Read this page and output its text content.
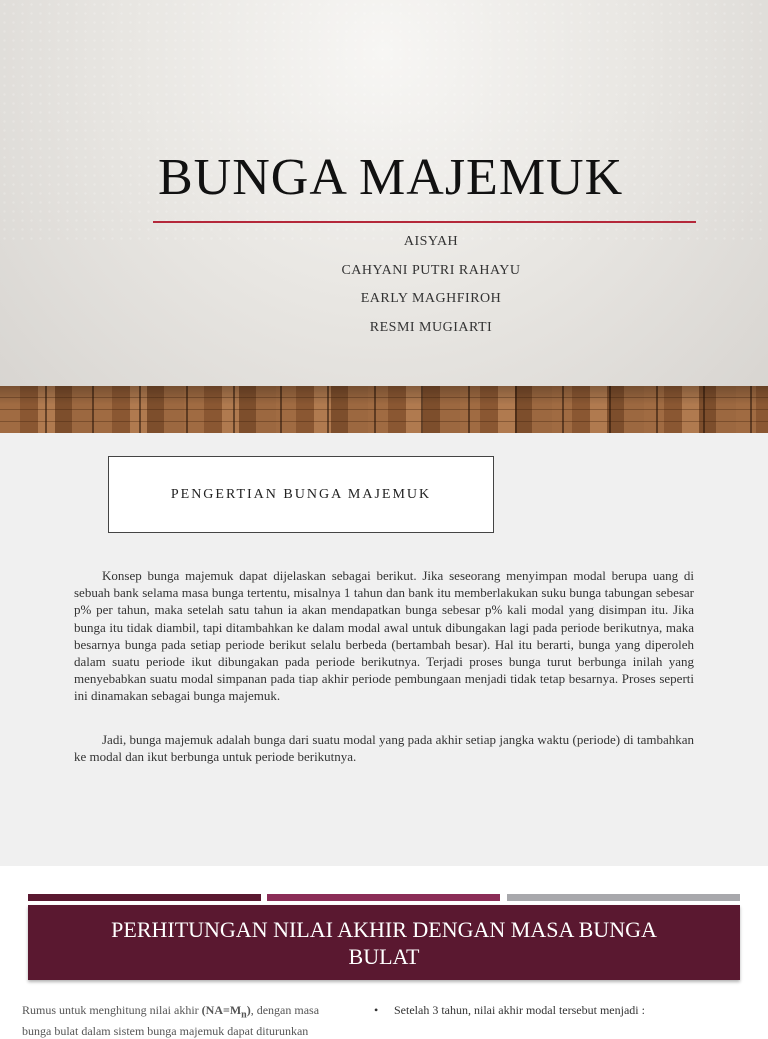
BUNGA MAJEMUK
AISYAH
CAHYANI PUTRI RAHAYU
EARLY MAGHFIROH
RESMI MUGIARTI
PENGERTIAN BUNGA MAJEMUK

Konsep bunga majemuk dapat dijelaskan sebagai berikut. Jika seseorang menyimpan modal berupa uang di sebuah bank selama masa bunga tertentu, misalnya 1 tahun dan bank itu memberlakukan suku bunga tabungan sebesar p% per tahun, maka setelah satu tahun ia akan mendapatkan bunga sebesar p% kali modal yang disimpan itu. Jika bunga itu tidak diambil, tapi ditambahkan ke dalam modal awal untuk dibungakan lagi pada periode berikutnya, maka besarnya bunga pada setiap periode berikut selalu berbeda (bertambah besar). Hal itu berarti, bunga yang diperoleh dalam suatu periode ikut dibungakan pada periode berikutnya. Terjadi proses bunga turut berbunga inilah yang menyebabkan suatu modal simpanan pada tiap akhir periode pembungaan menjadi tidak tetap besarnya. Proses seperti ini dinamakan sebagai bunga majemuk.

Jadi, bunga majemuk adalah bunga dari suatu modal yang pada akhir setiap jangka waktu (periode) di tambahkan ke modal dan ikut berbunga untuk periode berikutnya.

PERHITUNGAN NILAI AKHIR DENGAN MASA BUNGA BULAT

Rumus untuk menghitung nilai akhir $(NA=M_n)$, dengan masa bunga bulat dalam sistem bunga majemuk dapat diturunkan

•	Setelah 3 tahun, nilai akhir modal tersebut menjadi :
